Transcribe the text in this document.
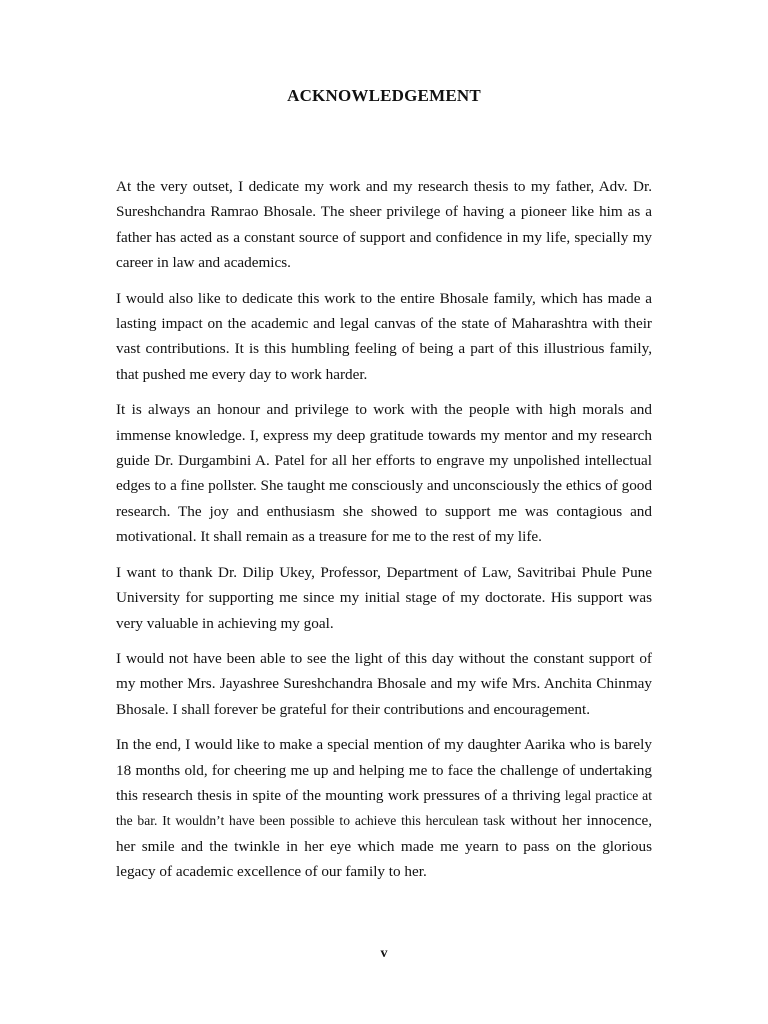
ACKNOWLEDGEMENT

At the very outset, I dedicate my work and my research thesis to my father, Adv. Dr. Sureshchandra Ramrao Bhosale. The sheer privilege of having a pioneer like him as a father has acted as a constant source of support and confidence in my life, specially my career in law and academics.

I would also like to dedicate this work to the entire Bhosale family, which has made a lasting impact on the academic and legal canvas of the state of Maharashtra with their vast contributions. It is this humbling feeling of being a part of this illustrious family, that pushed me every day to work harder.

It is always an honour and privilege to work with the people with high morals and immense knowledge. I, express my deep gratitude towards my mentor and my research guide Dr. Durgambini A. Patel for all her efforts to engrave my unpolished intellectual edges to a fine pollster. She taught me consciously and unconsciously the ethics of good research. The joy and enthusiasm she showed to support me was contagious and motivational. It shall remain as a treasure for me to the rest of my life.

I want to thank Dr. Dilip Ukey, Professor, Department of Law, Savitribai Phule Pune University for supporting me since my initial stage of my doctorate. His support was very valuable in achieving my goal.

I would not have been able to see the light of this day without the constant support of my mother Mrs. Jayashree Sureshchandra Bhosale and my wife Mrs. Anchita Chinmay Bhosale. I shall forever be grateful for their contributions and encouragement.

In the end, I would like to make a special mention of my daughter Aarika who is barely 18 months old, for cheering me up and helping me to face the challenge of undertaking this research thesis in spite of the mounting work pressures of a thriving legal practice at the bar. It wouldn’t have been possible to achieve this herculean task without her innocence, her smile and the twinkle in her eye which made me yearn to pass on the glorious legacy of academic excellence of our family to her.

v
